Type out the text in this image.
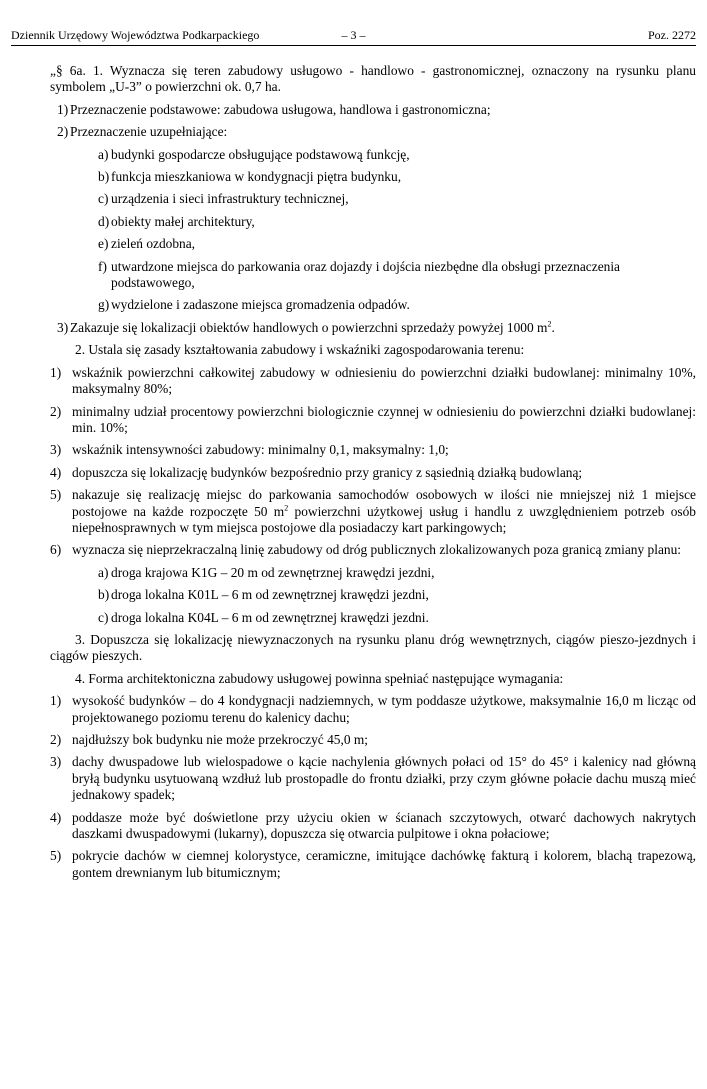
Dziennik Urzędowy Województwa Podkarpackiego	– 3 –	Poz. 2272

„§ 6a. 1. Wyznacza się teren zabudowy usługowo - handlowo - gastronomicznej, oznaczony na rysunku planu symbolem „U-3” o powierzchni ok. 0,7 ha.

1) Przeznaczenie podstawowe: zabudowa usługowa, handlowa i gastronomiczna;
2) Przeznaczenie uzupełniające:
a) budynki gospodarcze obsługujące podstawową funkcję,
b) funkcja mieszkaniowa w kondygnacji piętra budynku,
c) urządzenia i sieci infrastruktury technicznej,
d) obiekty małej architektury,
e) zieleń ozdobna,
f) utwardzone miejsca do parkowania oraz dojazdy i dojścia niezbędne dla obsługi przeznaczenia podstawowego,
g) wydzielone i zadaszone miejsca gromadzenia odpadów.
3) Zakazuje się lokalizacji obiektów handlowych o powierzchni sprzedaży powyżej 1000 $m^2$.

2. Ustala się zasady kształtowania zabudowy i wskaźniki zagospodarowania terenu:

1) wskaźnik powierzchni całkowitej zabudowy w odniesieniu do powierzchni działki budowlanej: minimalny 10%, maksymalny 80%;
2) minimalny udział procentowy powierzchni biologicznie czynnej w odniesieniu do powierzchni działki budowlanej: min. 10%;
3) wskaźnik intensywności zabudowy: minimalny 0,1, maksymalny: 1,0;
4) dopuszcza się lokalizację budynków bezpośrednio przy granicy z sąsiednią działką budowlaną;
5) nakazuje się realizację miejsc do parkowania samochodów osobowych w ilości nie mniejszej niż 1 miejsce postojowe na każde rozpoczęte 50 $m^2$ powierzchni użytkowej usług i handlu z uwzględnieniem potrzeb osób niepełnosprawnych w tym miejsca postojowe dla posiadaczy kart parkingowych;
6) wyznacza się nieprzekraczalną linię zabudowy od dróg publicznych zlokalizowanych poza granicą zmiany planu:
a) droga krajowa K1G – 20 m od zewnętrznej krawędzi jezdni,
b) droga lokalna K01L – 6 m od zewnętrznej krawędzi jezdni,
c) droga lokalna K04L – 6 m od zewnętrznej krawędzi jezdni.

3. Dopuszcza się lokalizację niewyznaczonych na rysunku planu dróg wewnętrznych, ciągów pieszo-jezdnych i ciągów pieszych.

4. Forma architektoniczna zabudowy usługowej powinna spełniać następujące wymagania:

1) wysokość budynków – do 4 kondygnacji nadziemnych, w tym poddasze użytkowe, maksymalnie 16,0 m licząc od projektowanego poziomu terenu do kalenicy dachu;
2) najdłuższy bok budynku nie może przekroczyć 45,0 m;
3) dachy dwuspadowe lub wielospadowe o kącie nachylenia głównych połaci od 15° do 45° i kalenicy nad główną bryłą budynku usytuowaną wzdłuż lub prostopadle do frontu działki, przy czym główne połacie dachu muszą mieć jednakowy spadek;
4) poddasze może być doświetlone przy użyciu okien w ścianach szczytowych, otwarć dachowych nakrytych daszkami dwuspadowymi (lukarny), dopuszcza się otwarcia pulpitowe i okna połaciowe;
5) pokrycie dachów w ciemnej kolorystyce, ceramiczne, imitujące dachówkę fakturą i kolorem, blachą trapezową, gontem drewnianym lub bitumicznym;
